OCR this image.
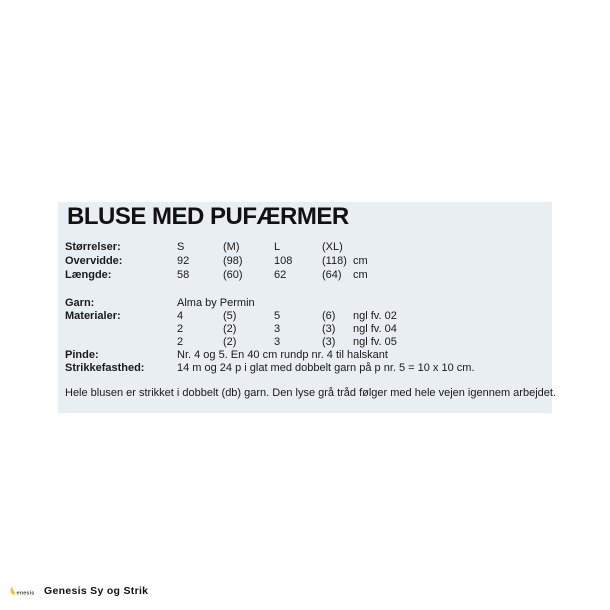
BLUSE MED PUFÆRMER
Størrelser:	S	(M)	L	(XL)
Overvidde:	92	(98)	108	(118) cm
Længde:	58	(60)	62	(64) cm
Garn:	Alma by Permin
Materialer:	4	(5)	5	(6) ngl fv. 02
2	(2)	3	(3) ngl fv. 04
2	(2)	3	(3) ngl fv. 05
Pinde:	Nr. 4 og 5. En 40 cm rundp nr. 4 til halskant
Strikkefasthed:	14 m og 24 p i glat med dobbelt garn på p nr. 5 = 10 x 10 cm.
Hele blusen er strikket i dobbelt (db) garn. Den lyse grå tråd følger med hele vejen igennem arbejdet.
enesis Genesis Sy og Strik
